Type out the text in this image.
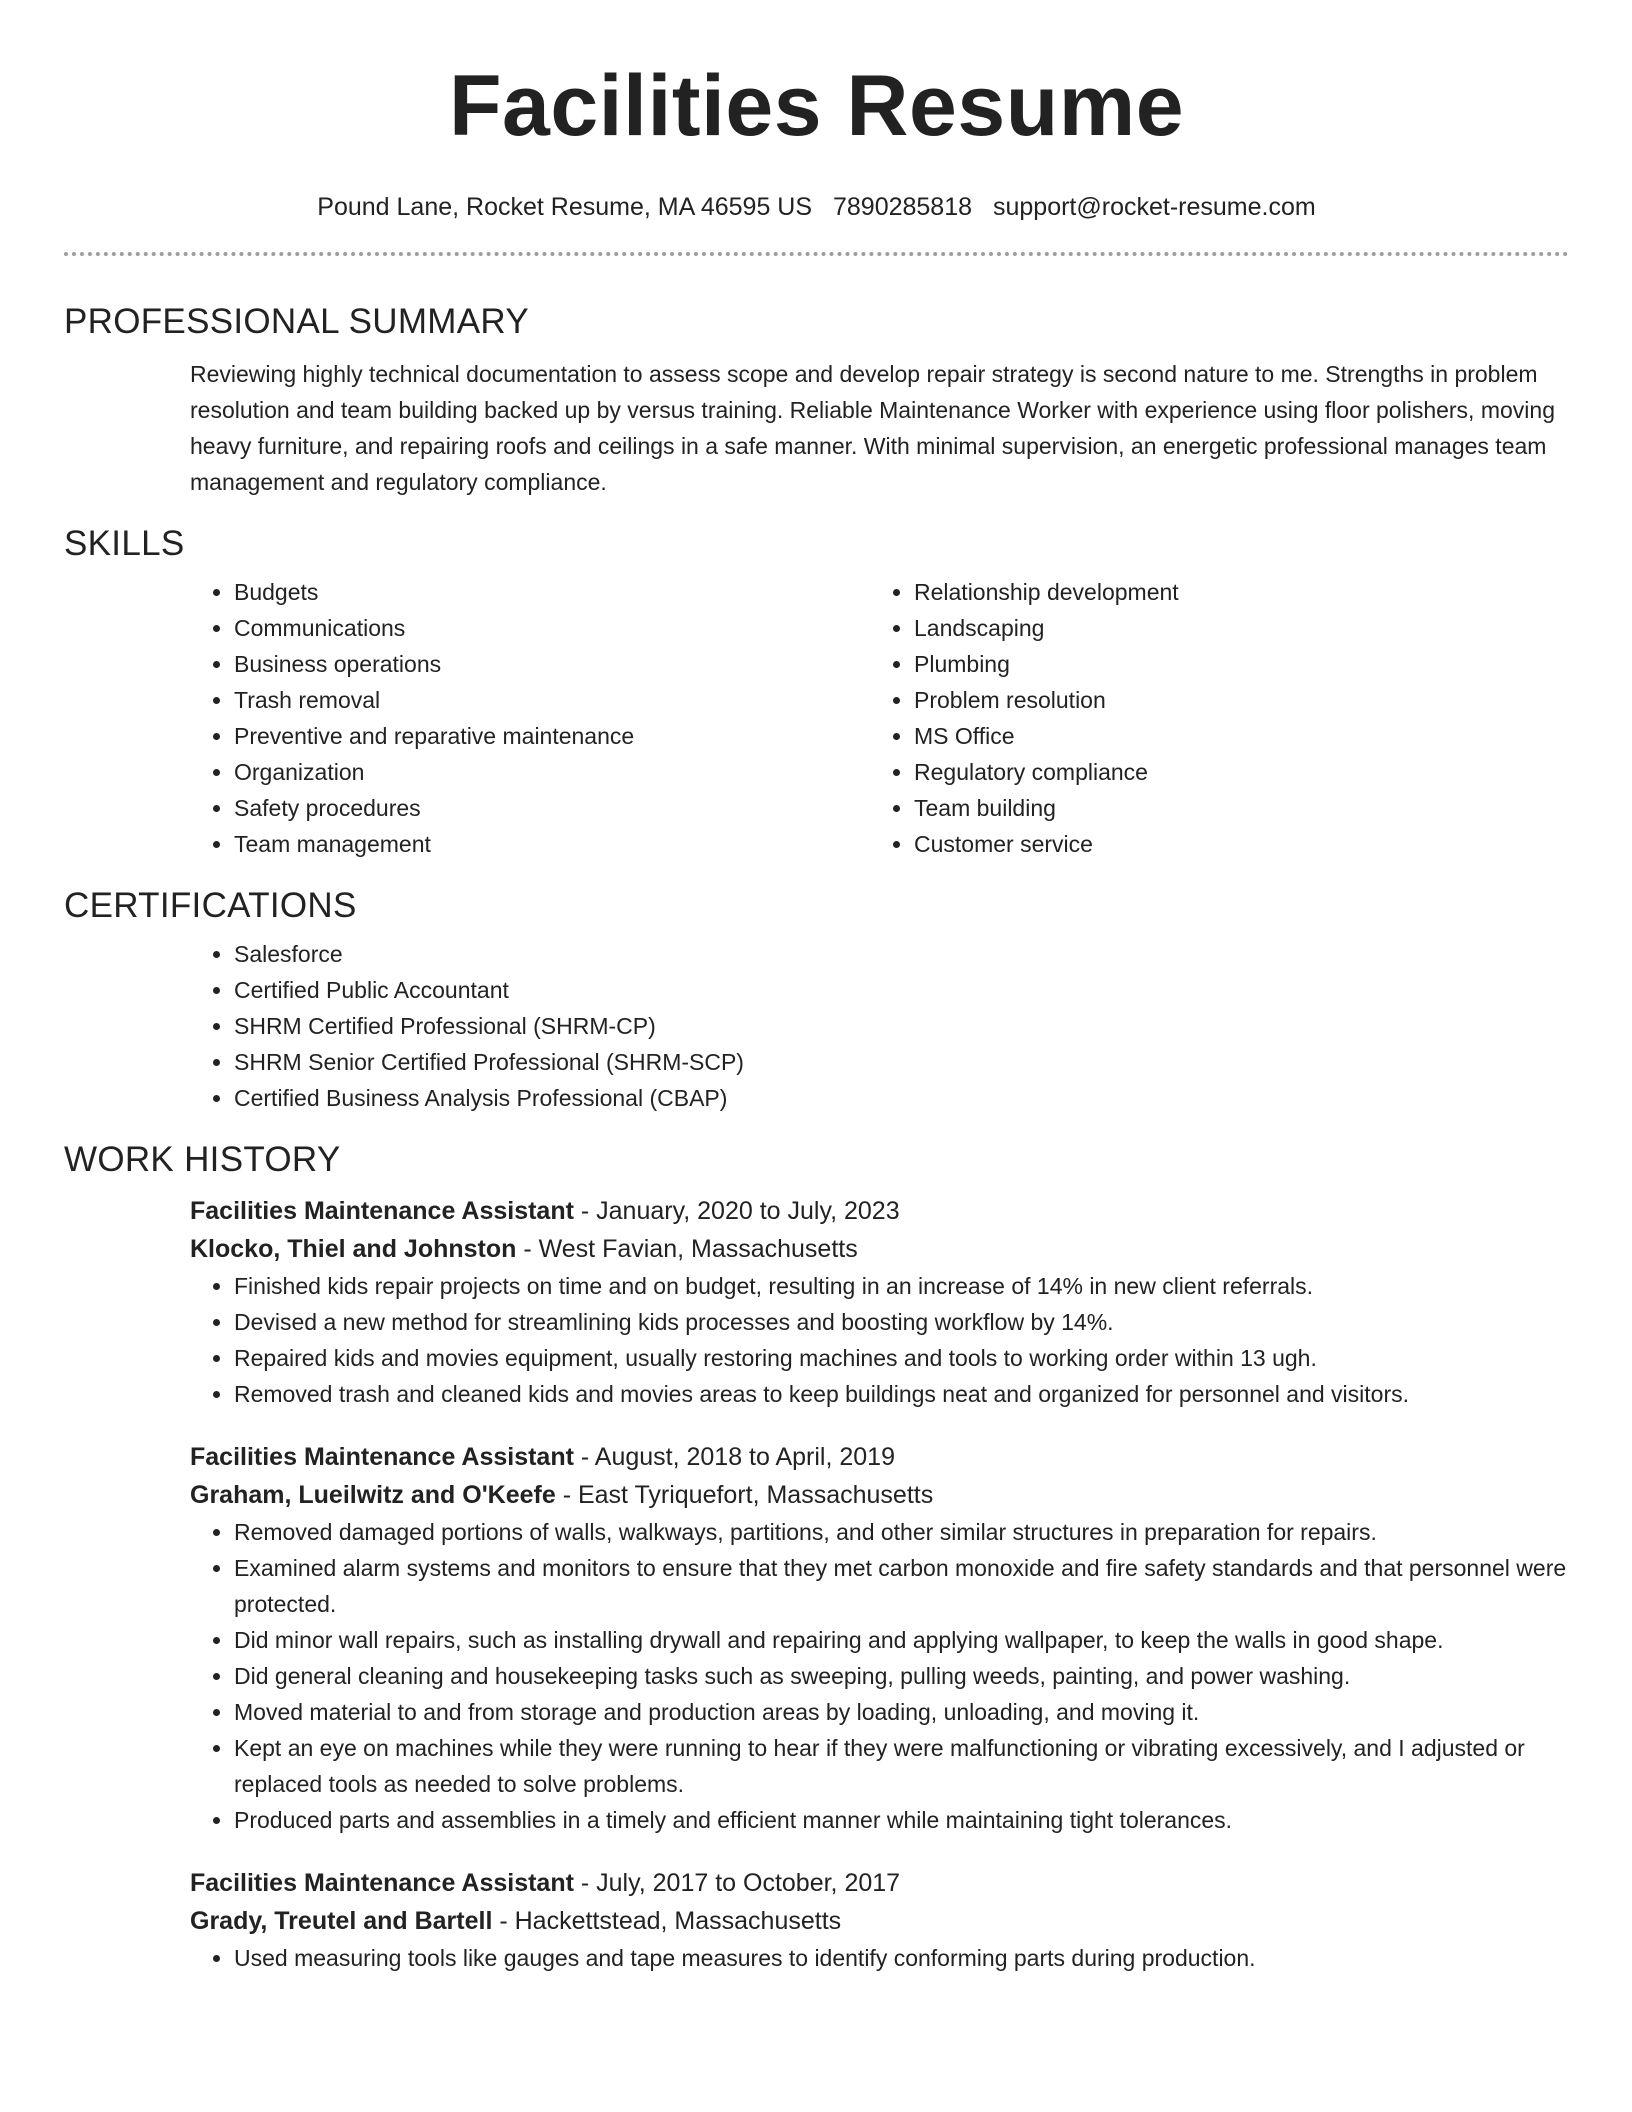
Facilities Resume
Pound Lane, Rocket Resume, MA 46595 US 7890285818 support@rocket-resume.com
PROFESSIONAL SUMMARY

Reviewing highly technical documentation to assess scope and develop repair strategy is second nature to me. Strengths in problem resolution and team building backed up by versus training. Reliable Maintenance Worker with experience using floor polishers, moving heavy furniture, and repairing roofs and ceilings in a safe manner. With minimal supervision, an energetic professional manages team management and regulatory compliance.

SKILLS
• Budgets
• Communications
• Business operations
• Trash removal
• Preventive and reparative maintenance
• Organization
• Safety procedures
• Team management
• Relationship development
• Landscaping
• Plumbing
• Problem resolution
• MS Office
• Regulatory compliance
• Team building
• Customer service
CERTIFICATIONS
• Salesforce
• Certified Public Accountant
• SHRM Certified Professional (SHRM-CP)
• SHRM Senior Certified Professional (SHRM-SCP)
• Certified Business Analysis Professional (CBAP)
WORK HISTORY
Facilities Maintenance Assistant - January, 2020 to July, 2023
Klocko, Thiel and Johnston - West Favian, Massachusetts
• Finished kids repair projects on time and on budget, resulting in an increase of 14% in new client referrals.
• Devised a new method for streamlining kids processes and boosting workflow by 14%.
• Repaired kids and movies equipment, usually restoring machines and tools to working order within 13 ugh.
• Removed trash and cleaned kids and movies areas to keep buildings neat and organized for personnel and visitors.
Facilities Maintenance Assistant - August, 2018 to April, 2019
Graham, Lueilwitz and O'Keefe - East Tyriquefort, Massachusetts
• Removed damaged portions of walls, walkways, partitions, and other similar structures in preparation for repairs.
• Examined alarm systems and monitors to ensure that they met carbon monoxide and fire safety standards and that personnel were protected.
• Did minor wall repairs, such as installing drywall and repairing and applying wallpaper, to keep the walls in good shape.
• Did general cleaning and housekeeping tasks such as sweeping, pulling weeds, painting, and power washing.
• Moved material to and from storage and production areas by loading, unloading, and moving it.
• Kept an eye on machines while they were running to hear if they were malfunctioning or vibrating excessively, and I adjusted or replaced tools as needed to solve problems.
• Produced parts and assemblies in a timely and efficient manner while maintaining tight tolerances.
Facilities Maintenance Assistant - July, 2017 to October, 2017
Grady, Treutel and Bartell - Hackettstead, Massachusetts
• Used measuring tools like gauges and tape measures to identify conforming parts during production.
